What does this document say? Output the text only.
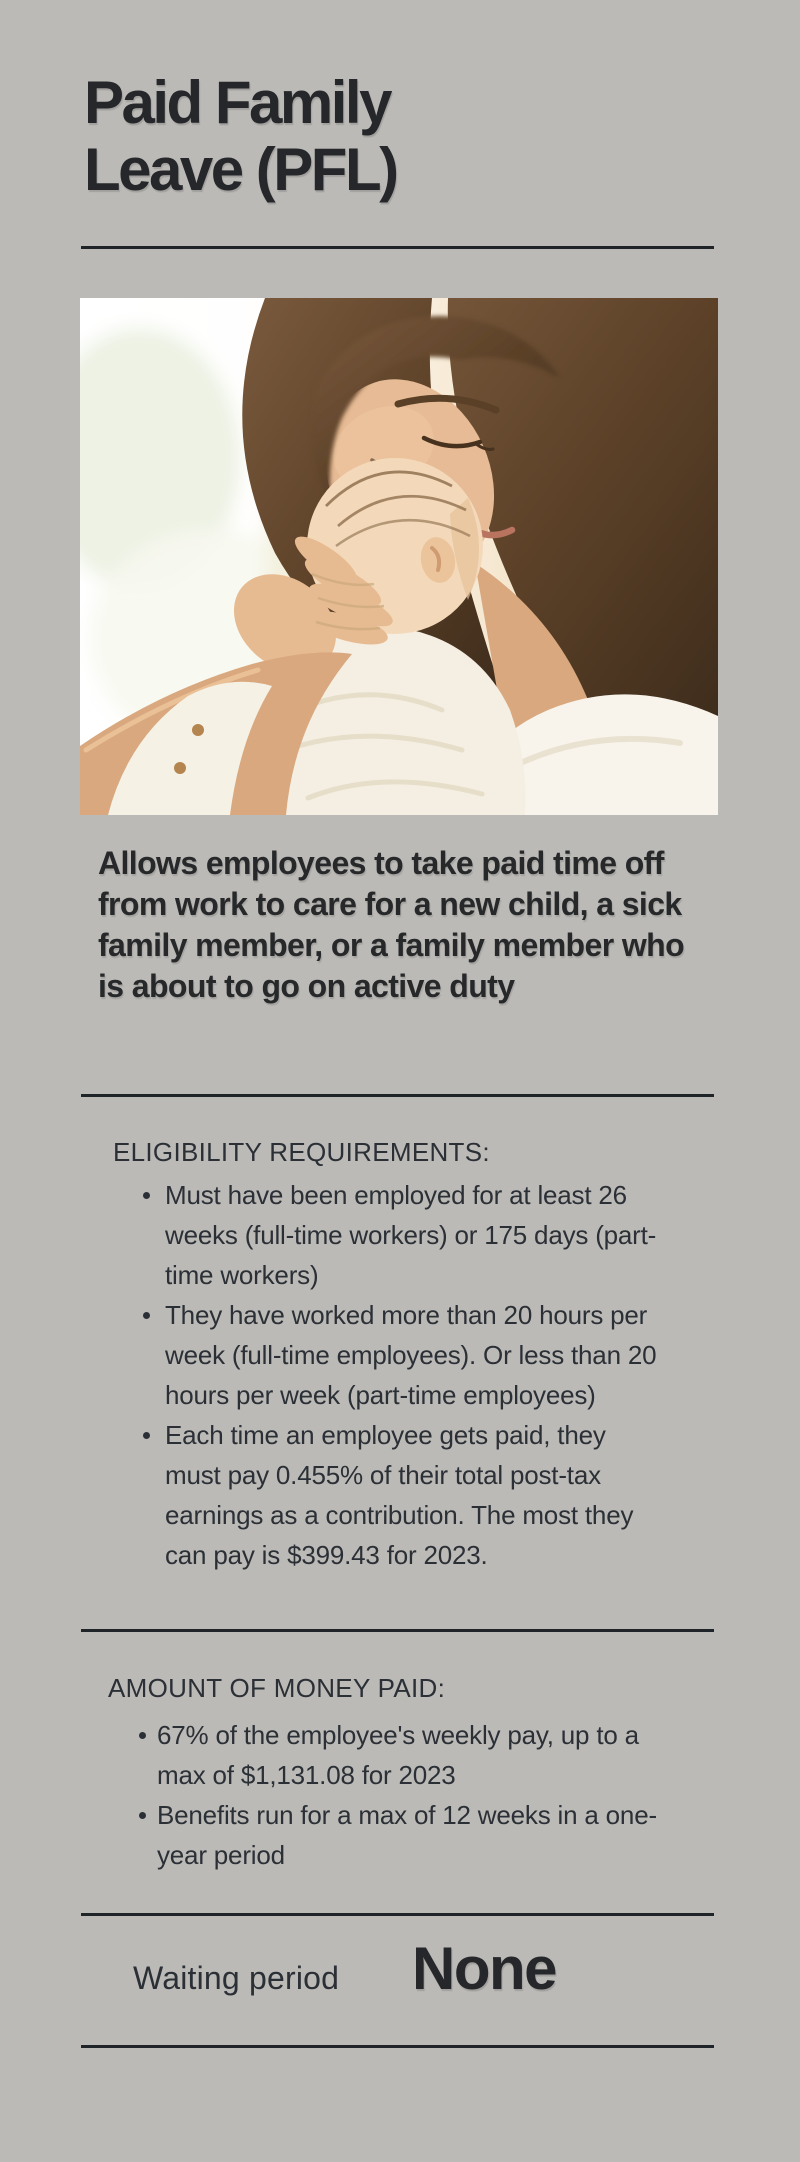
Paid Family
Leave (PFL)

Allows employees to take paid time off from work to care for a new child, a sick family member, or a family member who is about to go on active duty

ELIGIBILITY REQUIREMENTS:
Must have been employed for at least 26 weeks (full-time workers) or 175 days (part-time workers)
They have worked more than 20 hours per week (full-time employees). Or less than 20 hours per week (part-time employees)
Each time an employee gets paid, they must pay 0.455% of their total post-tax earnings as a contribution. The most they can pay is $399.43 for 2023.
AMOUNT OF MONEY PAID:
67% of the employee's weekly pay, up to a max of $1,131.08 for 2023
Benefits run for a max of 12 weeks in a one-year period
Waiting period None
